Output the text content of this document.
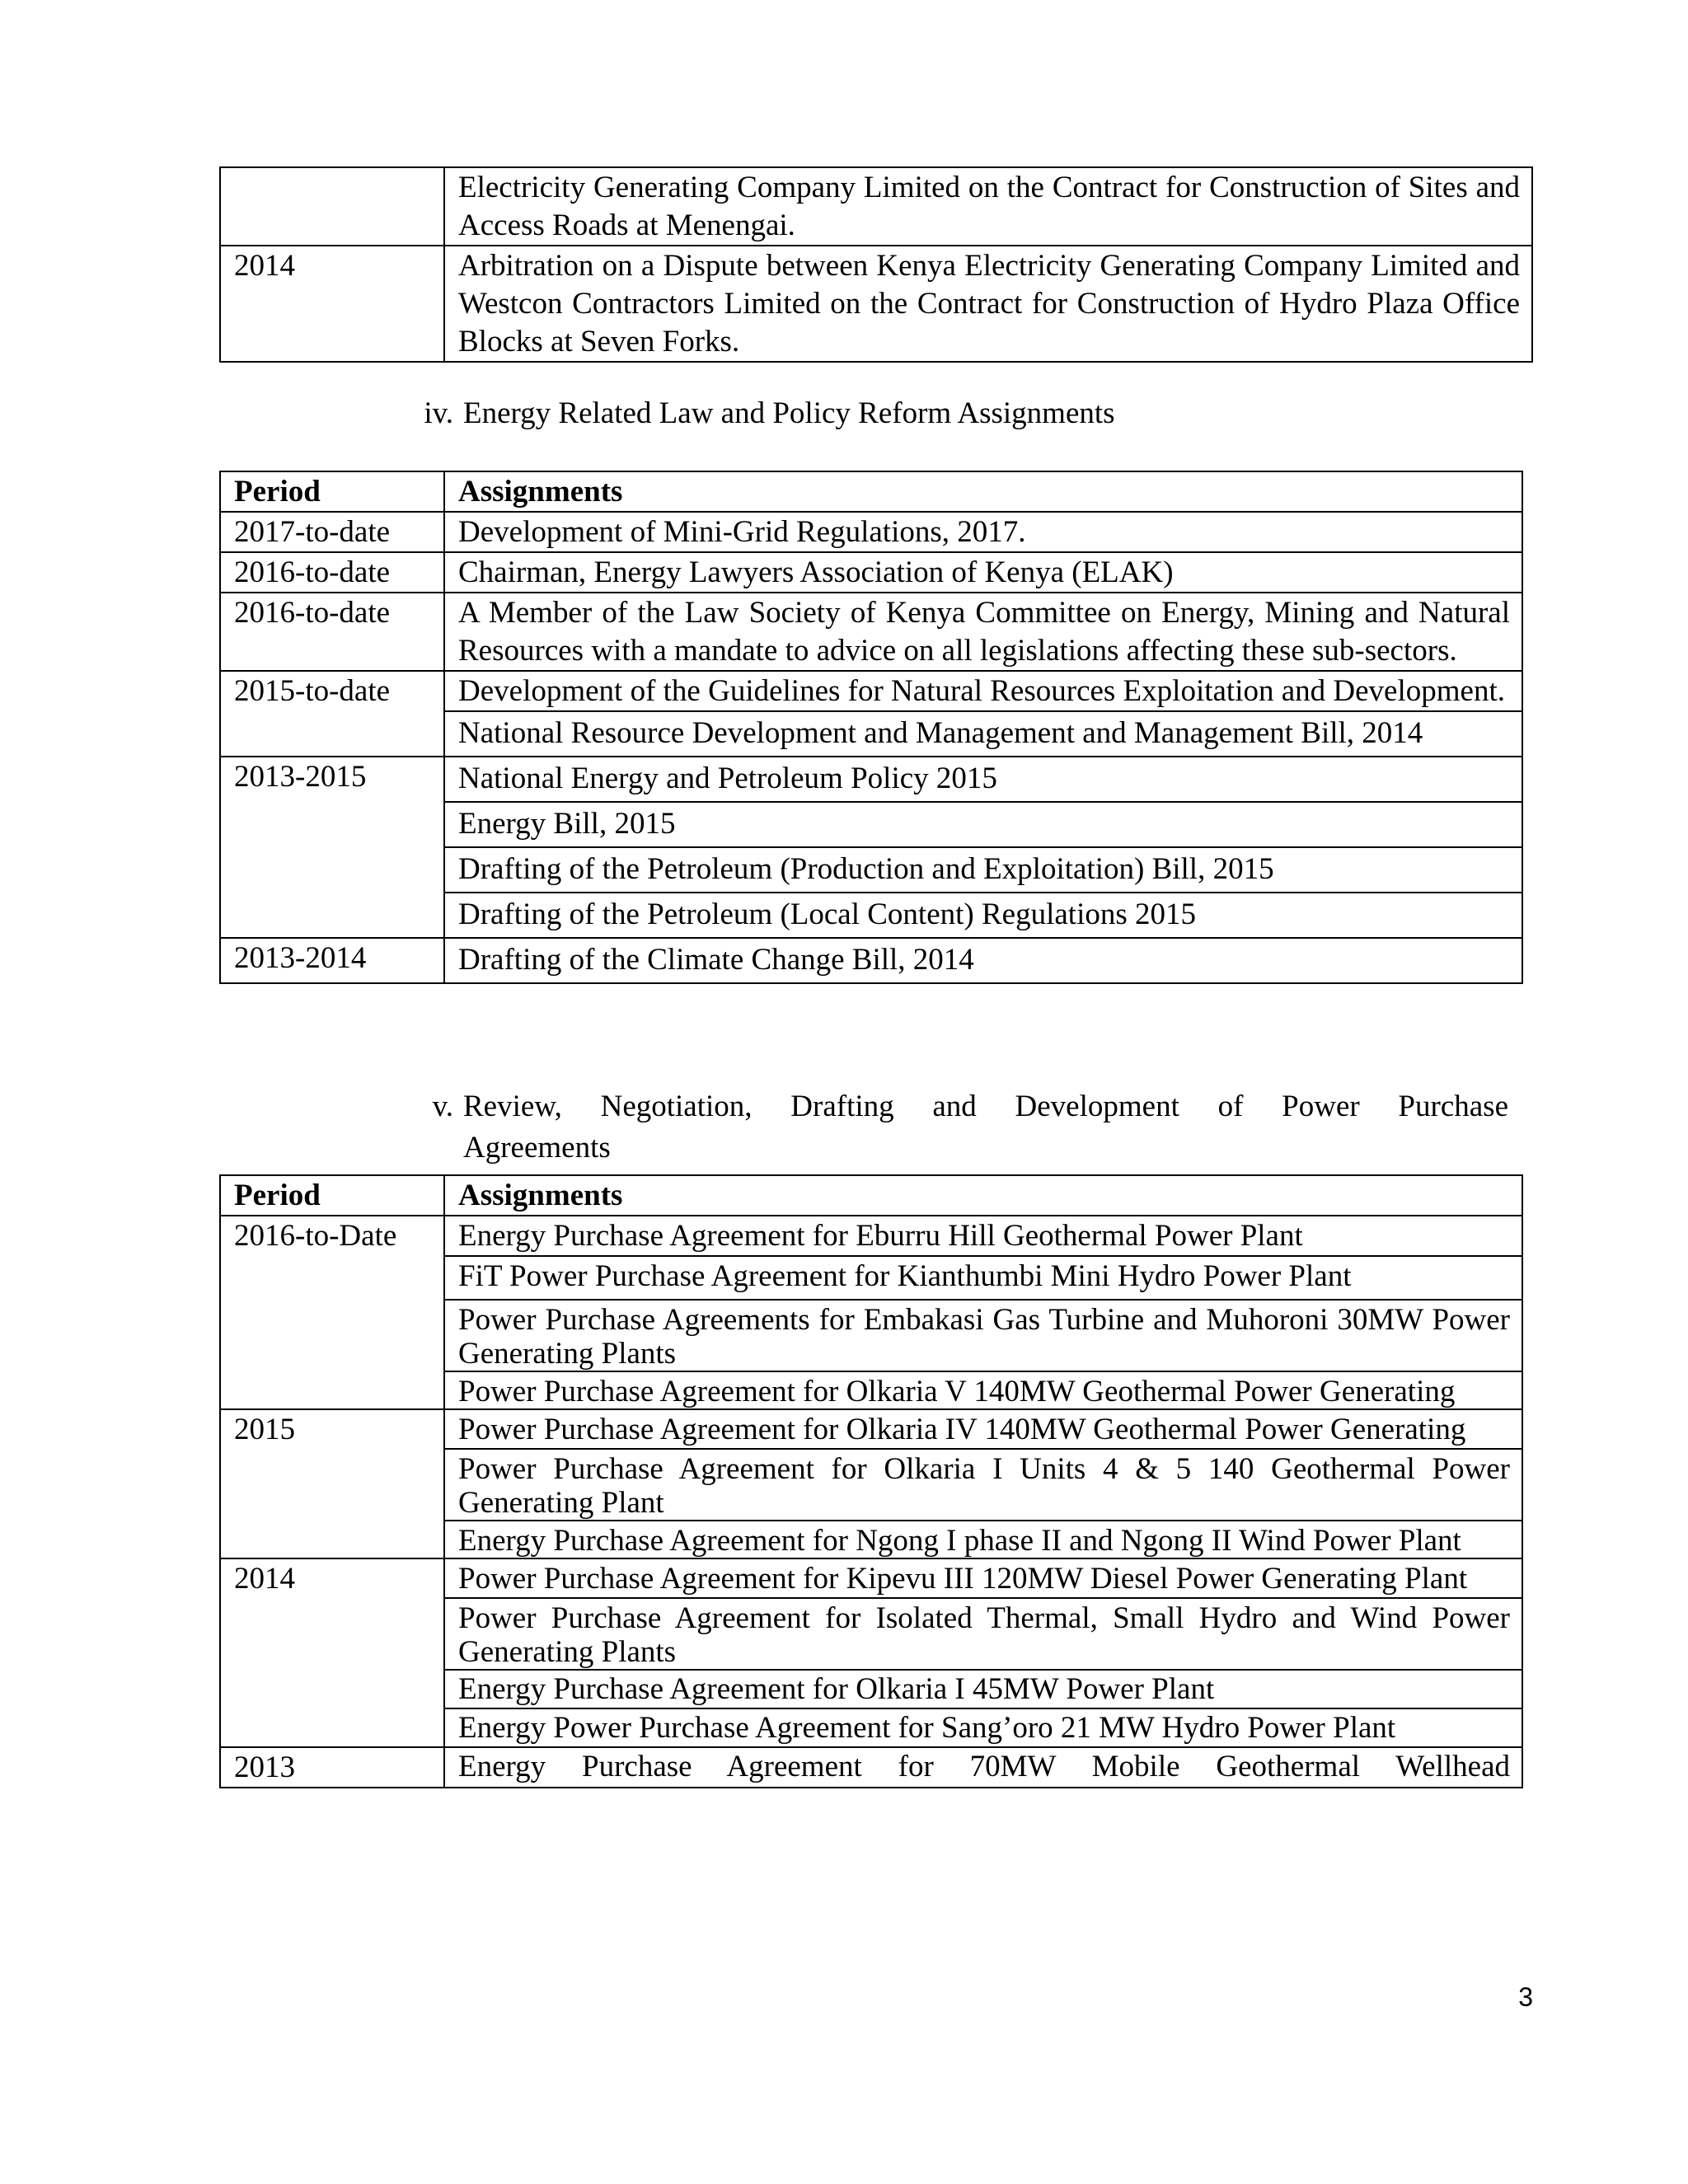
	Electricity Generating Company Limited on the Contract for Construction of Sites and Access Roads at Menengai.
2014	Arbitration on a Dispute between Kenya Electricity Generating Company Limited and Westcon Contractors Limited on the Contract for Construction of Hydro Plaza Office Blocks at Seven Forks.
iv. Energy Related Law and Policy Reform Assignments
Period	Assignments
2017-to-date	Development of Mini-Grid Regulations, 2017.
2016-to-date	Chairman, Energy Lawyers Association of Kenya (ELAK)
2016-to-date	A Member of the Law Society of Kenya Committee on Energy, Mining and Natural Resources with a mandate to advice on all legislations affecting these sub-sectors.
2015-to-date	Development of the Guidelines for Natural Resources Exploitation and Development.
	National Resource Development and Management and Management Bill, 2014
2013-2015	National Energy and Petroleum Policy 2015
	Energy Bill, 2015
	Drafting of the Petroleum (Production and Exploitation) Bill, 2015
	Drafting of the Petroleum (Local Content) Regulations 2015
2013-2014	Drafting of the Climate Change Bill, 2014
v. Review, Negotiation, Drafting and Development of Power Purchase
Agreements
Period	Assignments
2016-to-Date	Energy Purchase Agreement for Eburru Hill Geothermal Power Plant
	FiT Power Purchase Agreement for Kianthumbi Mini Hydro Power Plant
	Power Purchase Agreements for Embakasi Gas Turbine and Muhoroni 30MW Power Generating Plants
	Power Purchase Agreement for Olkaria V 140MW Geothermal Power Generating
2015	Power Purchase Agreement for Olkaria IV 140MW Geothermal Power Generating
	Power Purchase Agreement for Olkaria I Units 4 & 5 140 Geothermal Power Generating Plant
	Energy Purchase Agreement for Ngong I phase II and Ngong II Wind Power Plant
2014	Power Purchase Agreement for Kipevu III 120MW Diesel Power Generating Plant
	Power Purchase Agreement for Isolated Thermal, Small Hydro and Wind Power Generating Plants
	Energy Purchase Agreement for Olkaria I 45MW Power Plant
	Energy Power Purchase Agreement for Sang’oro 21 MW Hydro Power Plant
2013	Energy Purchase Agreement for 70MW Mobile Geothermal Wellhead
3
